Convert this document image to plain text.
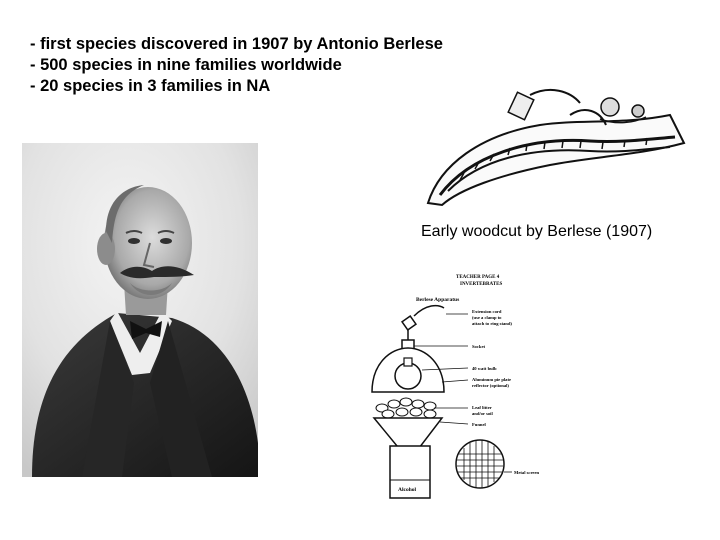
- first species discovered in 1907 by Antonio Berlese
- 500 species in nine families worldwide
- 20 species in 3 families in NA
Early woodcut by Berlese (1907)
TEACHER PAGE 4
INVERTEBRATES
Berlese Apparatus
Alcohol
Extension cord
(use a clamp to
attach to ring stand)
Socket
40 watt bulb
Aluminum pie plate
reflector (optional)
Leaf litter
and/or soil
Funnel
Metal screen
